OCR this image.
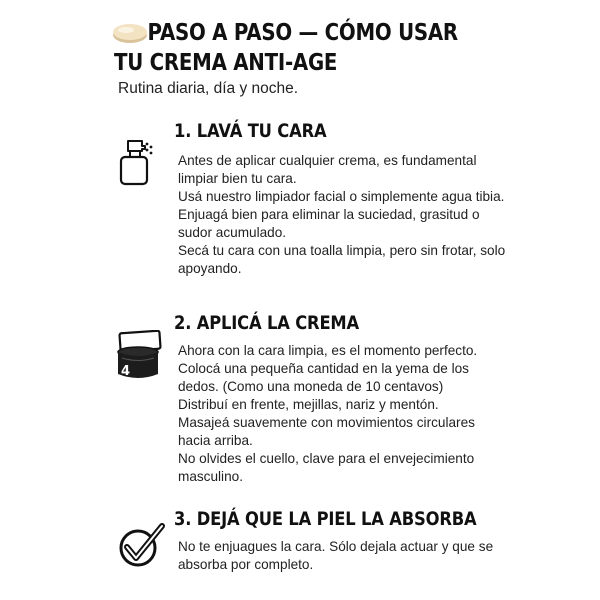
PASO A PASO — CÓMO USAR
TU CREMA ANTI-AGE
Rutina diaria, día y noche.
1. LAVÁ TU CARA

Antes de aplicar cualquier crema, es fundamental limpiar bien tu cara.

Usá nuestro limpiador facial o simplemente agua tibia.

Enjuagá bien para eliminar la suciedad, grasitud o sudor acumulado.

Secá tu cara con una toalla limpia, pero sin frotar, solo apoyando.

2. APLICÁ LA CREMA
4

Ahora con la cara limpia, es el momento perfecto.

Colocá una pequeña cantidad en la yema de los dedos. (Como una moneda de 10 centavos)

Distribuí en frente, mejillas, nariz y mentón.

Masajeá suavemente con movimientos circulares hacia arriba.

No olvides el cuello, clave para el envejecimiento masculino.

3. DEJÁ QUE LA PIEL LA ABSORBA

No te enjuagues la cara. Sólo dejala actuar y que se absorba por completo.
